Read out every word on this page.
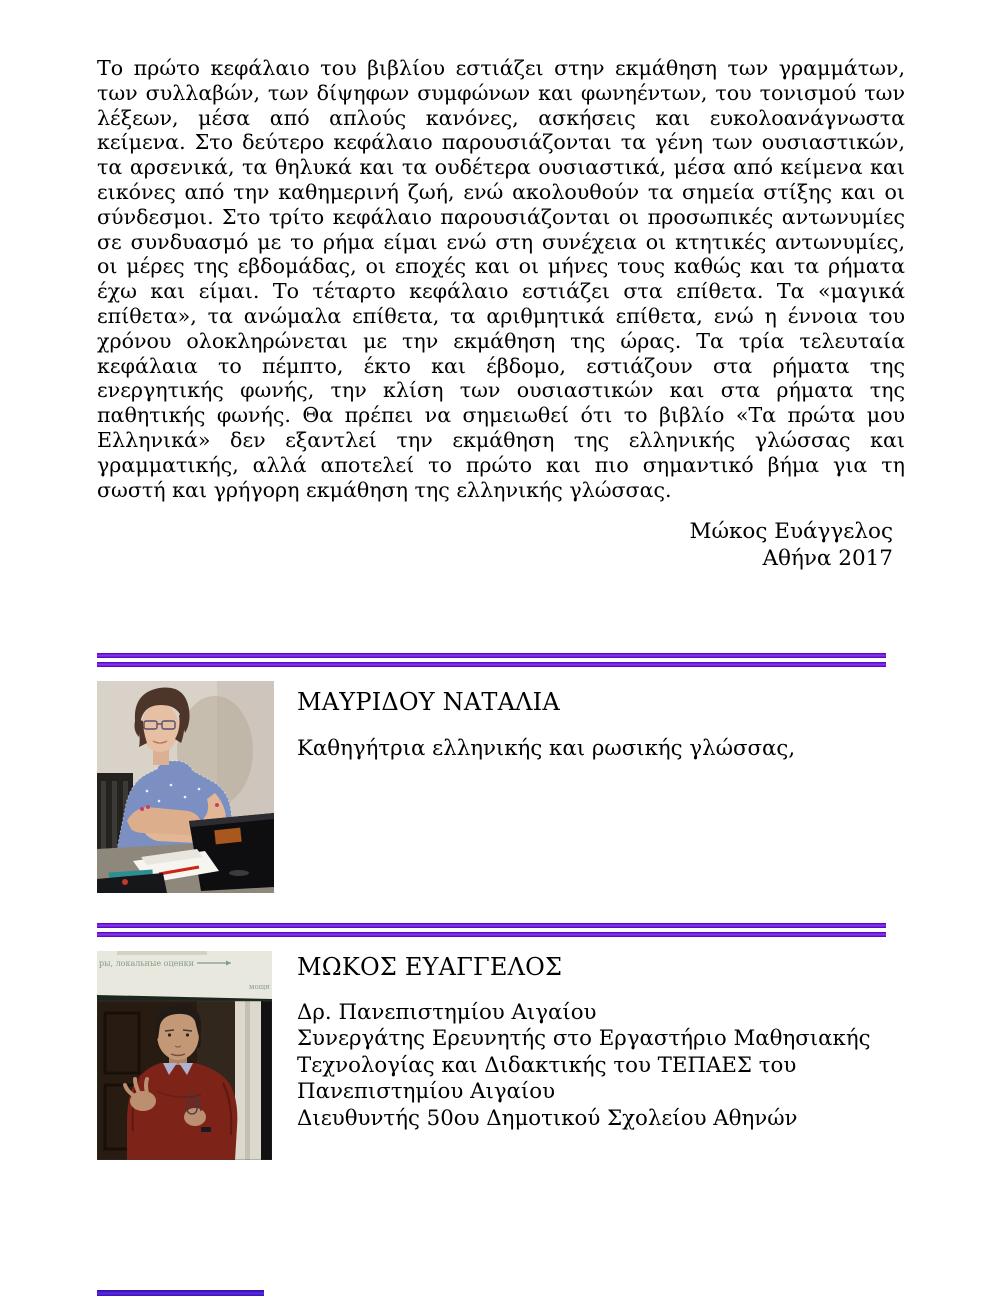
Το πρώτο κεφάλαιο του βιβλίου εστιάζει στην εκμάθηση των γραμμάτων, των συλλαβών, των δίψηφων συμφώνων και φωνηέντων, του τονισμού των λέξεων, μέσα από απλούς κανόνες, ασκήσεις και ευκολοανάγνωστα κείμενα. Στο δεύτερο κεφάλαιο παρουσιάζονται τα γένη των ουσιαστικών, τα αρσενικά, τα θηλυκά και τα ουδέτερα ουσιαστικά, μέσα από κείμενα και εικόνες από την καθημερινή ζωή, ενώ ακολουθούν τα σημεία στίξης και οι σύνδεσμοι. Στο τρίτο κεφάλαιο παρουσιάζονται οι προσωπικές αντωνυμίες σε συνδυασμό με το ρήμα είμαι ενώ στη συνέχεια οι κτητικές αντωνυμίες, οι μέρες της εβδομάδας, οι εποχές και οι μήνες τους καθώς και τα ρήματα έχω και είμαι. Το τέταρτο κεφάλαιο εστιάζει στα επίθετα. Τα «μαγικά επίθετα», τα ανώμαλα επίθετα, τα αριθμητικά επίθετα, ενώ η έννοια του χρόνου ολοκληρώνεται με την εκμάθηση της ώρας. Τα τρία τελευταία κεφάλαια το πέμπτο, έκτο και έβδομο, εστιάζουν στα ρήματα της ενεργητικής φωνής, την κλίση των ουσιαστικών και στα ρήματα της παθητικής φωνής. Θα πρέπει να σημειωθεί ότι το βιβλίο «Τα πρώτα μου Ελληνικά» δεν εξαντλεί την εκμάθηση της ελληνικής γλώσσας και γραμματικής, αλλά αποτελεί το πρώτο και πιο σημαντικό βήμα για τη σωστή και γρήγορη εκμάθηση της ελληνικής γλώσσας.
Μώκος Ευάγγελος
Αθήνα 2017
ΜΑΥΡΙΔΟΥ ΝΑΤΑΛΙΑ
Καθηγήτρια ελληνικής και ρωσικής γλώσσας,
ры, локальные оценки
мощн
ΜΩΚΟΣ ΕΥΑΓΓΕΛΟΣ
Δρ. Πανεπιστημίου Αιγαίου
Συνεργάτης Ερευνητής στο Εργαστήριο Μαθησιακής
Τεχνολογίας και Διδακτικής του ΤΕΠΑΕΣ του
Πανεπιστημίου Αιγαίου
Διευθυντής 50ου Δημοτικού Σχολείου Αθηνών
